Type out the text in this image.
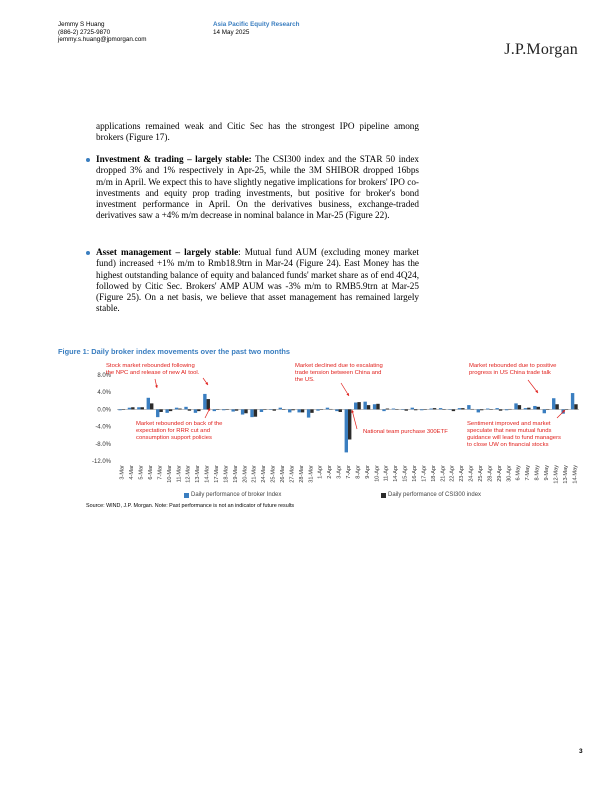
Jemmy S Huang
(886-2) 2725-9870
jemmy.s.huang@jpmorgan.com
Asia Pacific Equity Research
14 May 2025
J.P.Morgan
applications remained weak and Citic Sec has the strongest IPO pipeline among brokers (Figure 17).
Investment & trading – largely stable: The CSI300 index and the STAR 50 index dropped 3% and 1% respectively in Apr-25, while the 3M SHIBOR dropped 16bps m/m in April. We expect this to have slightly negative implications for brokers' IPO co-investments and equity prop trading investments, but positive for broker's bond investment performance in April. On the derivatives business, exchange-traded derivatives saw a +4% m/m decrease in nominal balance in Mar-25 (Figure 22).
Asset management – largely stable: Mutual fund AUM (excluding money market fund) increased +1% m/m to Rmb18.9trn in Mar-24 (Figure 24). East Money has the highest outstanding balance of equity and balanced funds' market share as of end 4Q24, followed by Citic Sec. Brokers' AMP AUM was -3% m/m to RMB5.9trn at Mar-25 (Figure 25). On a net basis, we believe that asset management has remained largely stable.
Figure 1: Daily broker index movements over the past two months
8.0%
4.0%
0.0%
-4.0%
-8.0%
-12.0%
3-Mar 4-Mar 5-Mar 6-Mar 7-Mar 10-Mar 11-Mar 12-Mar 13-Mar 14-Mar 17-Mar 18-Mar 19-Mar 20-Mar 21-Mar 24-Mar 25-Mar 26-Mar 27-Mar 28-Mar 31-Mar 1-Apr 2-Apr 3-Apr 7-Apr 8-Apr 9-Apr 10-Apr 11-Apr 14-Apr 15-Apr 16-Apr 17-Apr 18-Apr 21-Apr 22-Apr 23-Apr 24-Apr 25-Apr 28-Apr 29-Apr 30-Apr 6-May 7-May 8-May 9-May 12-May 13-May 14-May
Stock market rebounded following
the NPC and release of new AI tool.
Market declined due to escalating
trade tension between China and
the US.
Market rebounded due to positive
progress in US China trade talk
Market rebounded on back of the
expectation for RRR cut and
consumption support policies
National team purchase 300ETF
Sentiment improved and market
speculate that new mutual funds
guidance will lead to fund managers
to close UW on financial stocks
Daily performance of broker Index	Daily performance of CSI300 index
Source: WIND, J.P. Morgan. Note: Past performance is not an indicator of future results
3
